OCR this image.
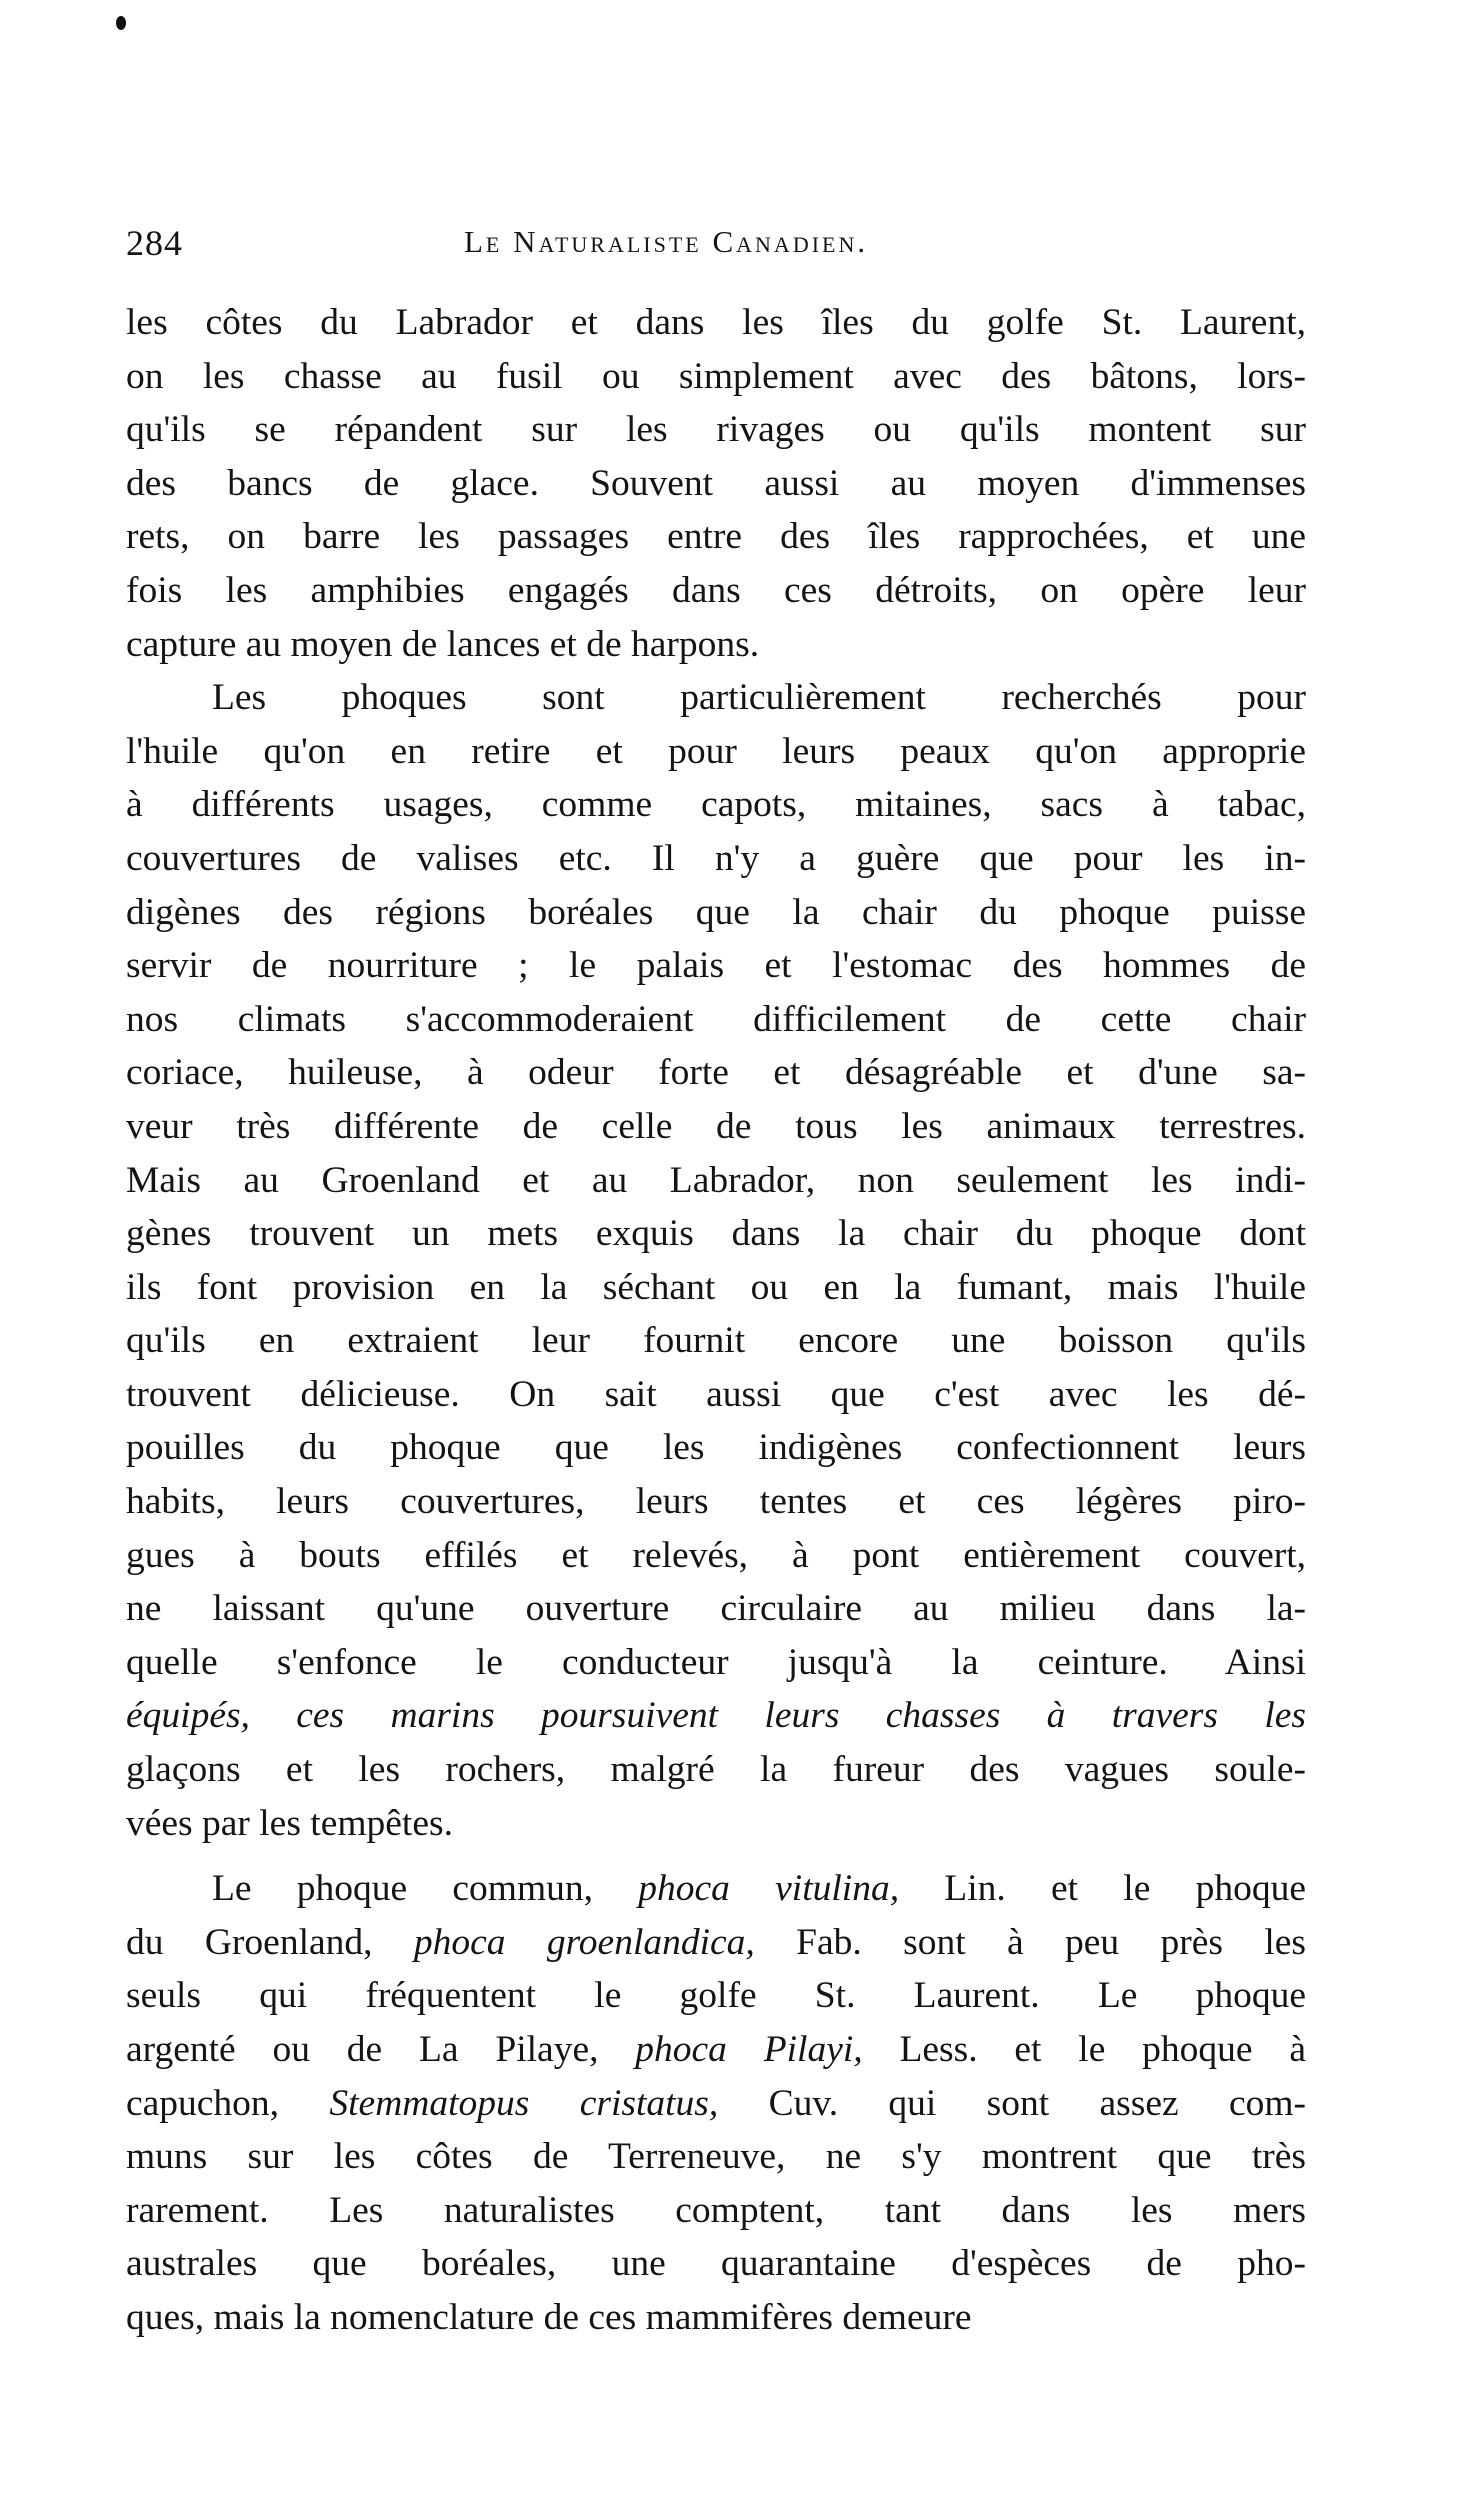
284	Le Naturaliste Canadien.
les côtes du Labrador et dans les îles du golfe St. Laurent,
on les chasse au fusil ou simplement avec des bâtons, lors-
qu'ils se répandent sur les rivages ou qu'ils montent sur
des bancs de glace. Souvent aussi au moyen d'immenses
rets, on barre les passages entre des îles rapprochées, et une
fois les amphibies engagés dans ces détroits, on opère leur
capture au moyen de lances et de harpons.
Les phoques sont particulièrement recherchés pour
l'huile qu'on en retire et pour leurs peaux qu'on approprie
à différents usages, comme capots, mitaines, sacs à tabac,
couvertures de valises etc. Il n'y a guère que pour les in-
digènes des régions boréales que la chair du phoque puisse
servir de nourriture ; le palais et l'estomac des hommes de
nos climats s'accommoderaient difficilement de cette chair
coriace, huileuse, à odeur forte et désagréable et d'une sa-
veur très différente de celle de tous les animaux terrestres.
Mais au Groenland et au Labrador, non seulement les indi-
gènes trouvent un mets exquis dans la chair du phoque dont
ils font provision en la séchant ou en la fumant, mais l'huile
qu'ils en extraient leur fournit encore une boisson qu'ils
trouvent délicieuse. On sait aussi que c'est avec les dé-
pouilles du phoque que les indigènes confectionnent leurs
habits, leurs couvertures, leurs tentes et ces légères piro-
gues à bouts effilés et relevés, à pont entièrement couvert,
ne laissant qu'une ouverture circulaire au milieu dans la-
quelle s'enfonce le conducteur jusqu'à la ceinture. Ainsi
équipés, ces marins poursuivent leurs chasses à travers les
glaçons et les rochers, malgré la fureur des vagues soule-
vées par les tempêtes.
Le phoque commun, phoca vitulina, Lin. et le phoque
du Groenland, phoca groenlandica, Fab. sont à peu près les
seuls qui fréquentent le golfe St. Laurent. Le phoque
argenté ou de La Pilaye, phoca Pilayi, Less. et le phoque à
capuchon, Stemmatopus cristatus, Cuv. qui sont assez com-
muns sur les côtes de Terreneuve, ne s'y montrent que très
rarement. Les naturalistes comptent, tant dans les mers
australes que boréales, une quarantaine d'espèces de pho-
ques, mais la nomenclature de ces mammifères demeure
